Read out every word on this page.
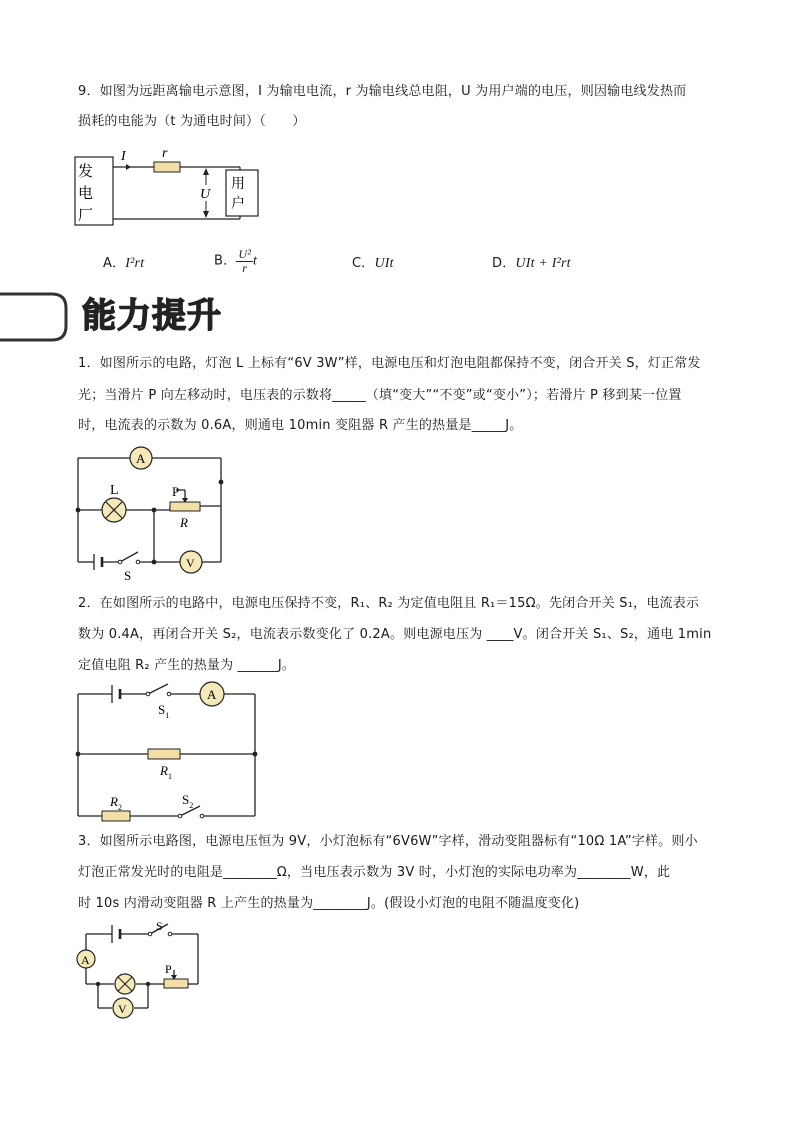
9．如图为远距离输电示意图，I 为输电电流，r 为输电线总电阻，U 为用户端的电压，则因输电线发热而
损耗的电能为（t 为通电时间）（　　）
发
电
厂
用
户
I	r
U
A．I²rt	B． $\frac{\text{U²}}{r}$ t	C．UIt	D．UIt + I²rt
能力提升
1．如图所示的电路，灯泡 L 上标有“6V 3W”样，电源电压和灯泡电阻都保持不变，闭合开关 S，灯正常发
光；当滑片 P 向左移动时，电压表的示数将_____（填“变大”“不变”或“变小”）；若滑片 P 移到某一位置
时，电流表的示数为 0.6A，则通电 10min 变阻器 R 产生的热量是_____J。
A
L	P
R
V
S
2．在如图所示的电路中，电源电压保持不变，R₁、R₂ 为定值电阻且 R₁＝15Ω。先闭合开关 S₁，电流表示
数为 0.4A，再闭合开关 S₂，电流表示数变化了 0.2A。则电源电压为 ____V。闭合开关 S₁、S₂，通电 1min
定值电阻 R₂ 产生的热量为 ______J。
A
$S_1$
$R_1$
$R_2$
$S_2$
3．如图所示电路图，电源电压恒为 9V，小灯泡标有“6V6W”字样，滑动变阻器标有“10Ω 1A”字样。则小
灯泡正常发光时的电阻是________Ω，当电压表示数为 3V 时，小灯泡的实际电功率为________W，此
时 10s 内滑动变阻器 R 上产生的热量为________J。(假设小灯泡的电阻不随温度变化)
S
A
P
V
